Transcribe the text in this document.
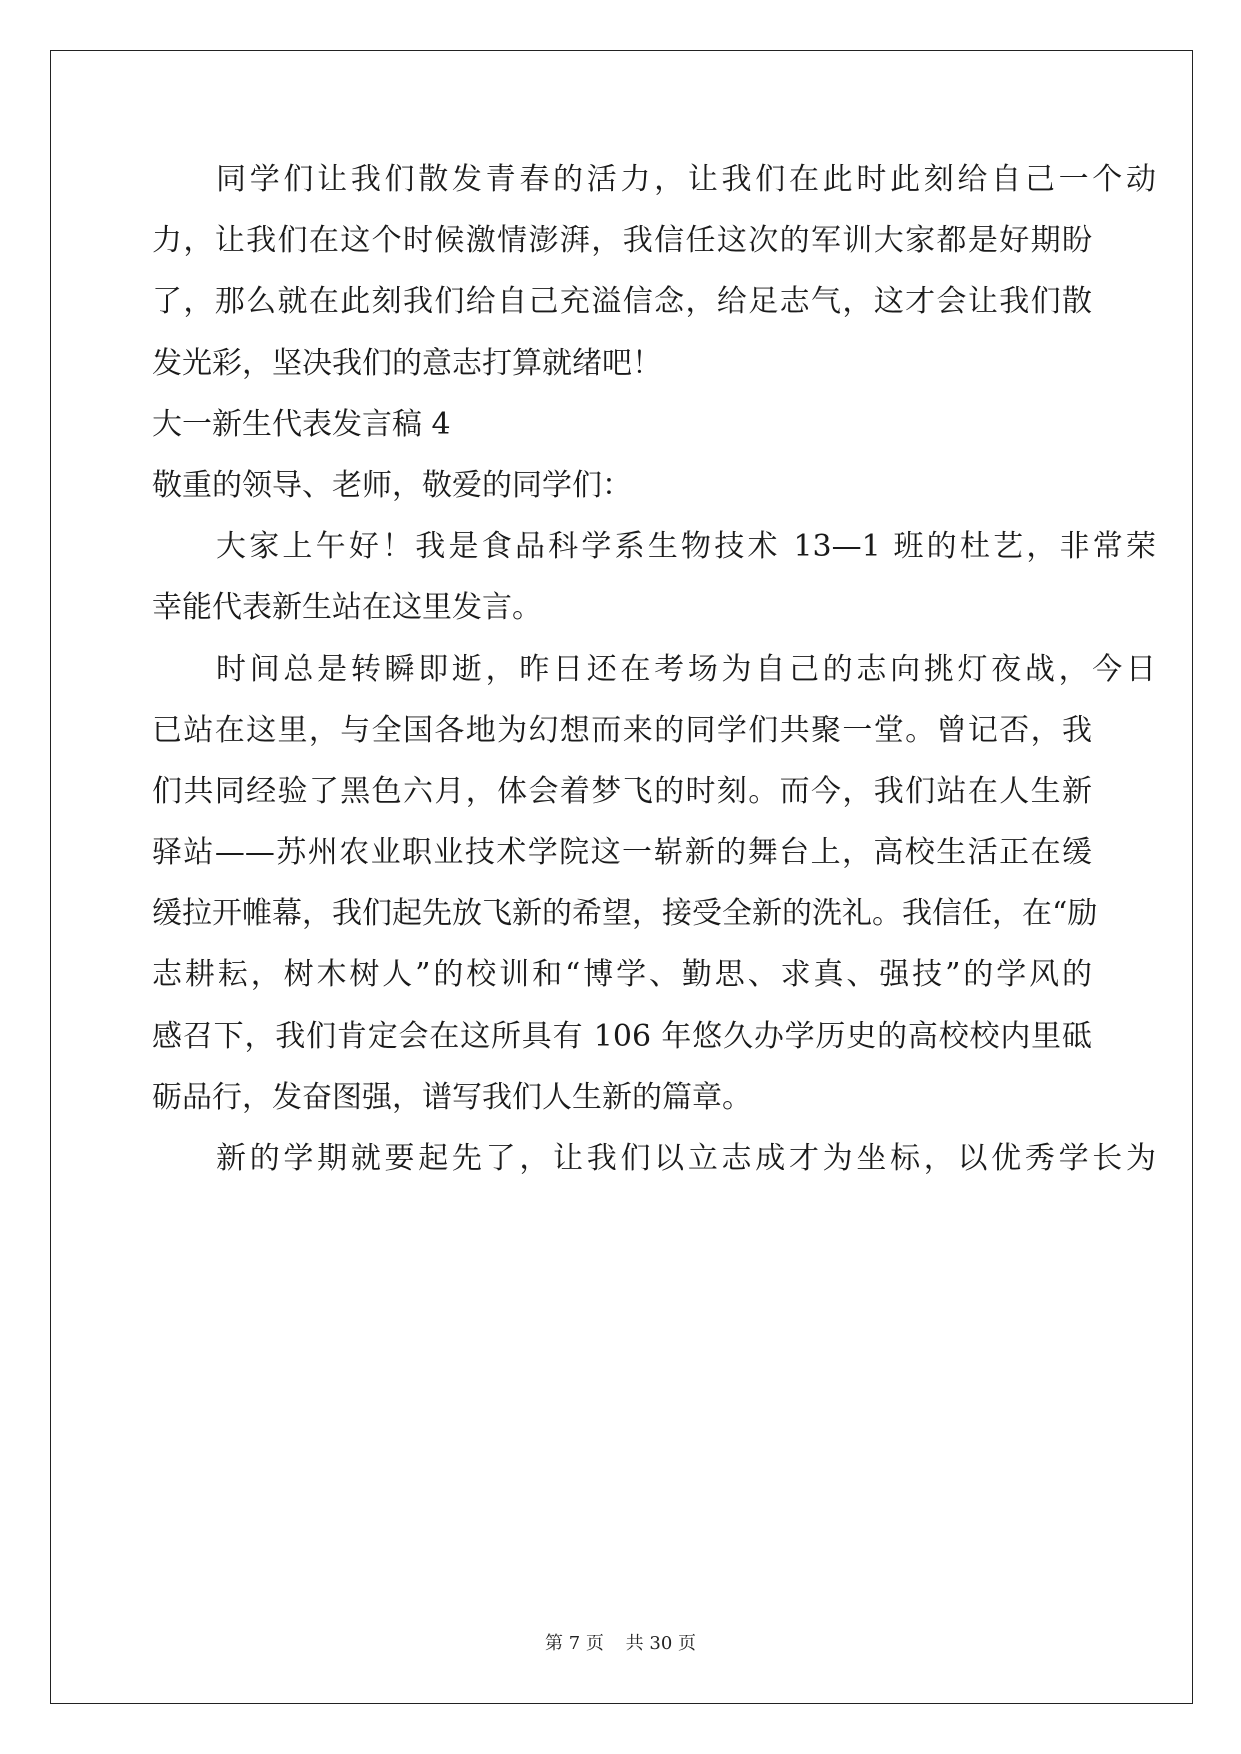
同学们让我们散发青春的活力，让我们在此时此刻给自己一个动
力，让我们在这个时候激情澎湃，我信任这次的军训大家都是好期盼
了，那么就在此刻我们给自己充溢信念，给足志气，这才会让我们散
发光彩，坚决我们的意志打算就绪吧！
大一新生代表发言稿 4
敬重的领导、老师，敬爱的同学们：
大家上午好！我是食品科学系生物技术 13—1 班的杜艺，非常荣
幸能代表新生站在这里发言。
时间总是转瞬即逝，昨日还在考场为自己的志向挑灯夜战，今日
已站在这里，与全国各地为幻想而来的同学们共聚一堂。曾记否，我
们共同经验了黑色六月，体会着梦飞的时刻。而今，我们站在人生新
驿站——苏州农业职业技术学院这一崭新的舞台上，高校生活正在缓
缓拉开帷幕，我们起先放飞新的希望，接受全新的洗礼。我信任，在“励
志耕耘，树木树人”的校训和“博学、勤思、求真、强技”的学风的
感召下，我们肯定会在这所具有 106 年悠久办学历史的高校校内里砥
砺品行，发奋图强，谱写我们人生新的篇章。
新的学期就要起先了，让我们以立志成才为坐标，以优秀学长为
第 7 页 共 30 页
